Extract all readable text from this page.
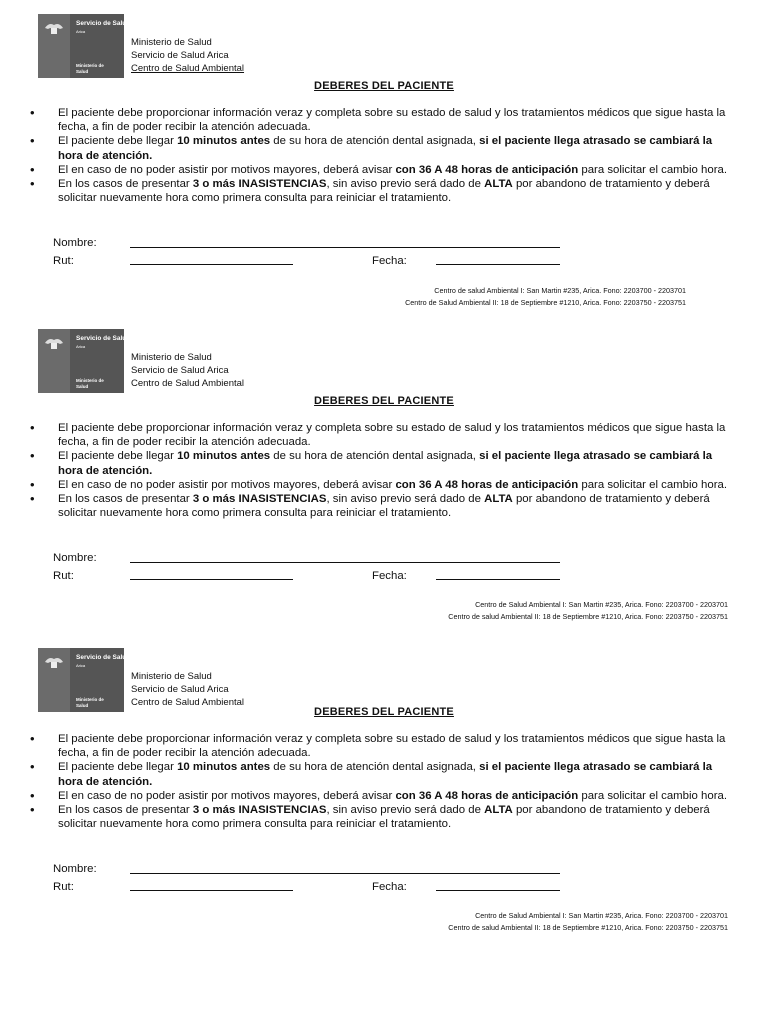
Servicio de Salud
Arica
Ministerio de Salud
Ministerio de Salud
Servicio de Salud Arica
Centro de Salud Ambiental
DEBERES DEL PACIENTE
• El paciente debe proporcionar información veraz y completa sobre su estado de salud y los tratamientos médicos que sigue hasta la fecha, a fin de poder recibir la atención adecuada.
• El paciente debe llegar 10 minutos antes de su hora de atención dental asignada, si el paciente llega atrasado se cambiará la hora de atención.
• El en caso de no poder asistir por motivos mayores, deberá avisar con 36 A 48 horas de anticipación para solicitar el cambio hora.
• En los casos de presentar 3 o más INASISTENCIAS, sin aviso previo será dado de ALTA por abandono de tratamiento y deberá solicitar nuevamente hora como primera consulta para reiniciar el tratamiento.
Nombre:
Rut:	Fecha:
Centro de salud Ambiental I: San Martin #235, Arica. Fono: 2203700 - 2203701
Centro de Salud Ambiental II: 18 de Septiembre #1210, Arica. Fono: 2203750 - 2203751
Servicio de Salud
Arica
Ministerio de Salud
Ministerio de Salud
Servicio de Salud Arica
Centro de Salud Ambiental
DEBERES DEL PACIENTE
• El paciente debe proporcionar información veraz y completa sobre su estado de salud y los tratamientos médicos que sigue hasta la fecha, a fin de poder recibir la atención adecuada.
• El paciente debe llegar 10 minutos antes de su hora de atención dental asignada, si el paciente llega atrasado se cambiará la hora de atención.
• El en caso de no poder asistir por motivos mayores, deberá avisar con 36 A 48 horas de anticipación para solicitar el cambio hora.
• En los casos de presentar 3 o más INASISTENCIAS, sin aviso previo será dado de ALTA por abandono de tratamiento y deberá solicitar nuevamente hora como primera consulta para reiniciar el tratamiento.
Nombre:
Rut:	Fecha:
Centro de Salud Ambiental I: San Martin #235, Arica. Fono: 2203700 - 2203701
Centro de salud Ambiental II: 18 de Septiembre #1210, Arica. Fono: 2203750 - 2203751
Servicio de Salud
Arica
Ministerio de Salud
Ministerio de Salud
Servicio de Salud Arica
Centro de Salud Ambiental
DEBERES DEL PACIENTE
• El paciente debe proporcionar información veraz y completa sobre su estado de salud y los tratamientos médicos que sigue hasta la fecha, a fin de poder recibir la atención adecuada.
• El paciente debe llegar 10 minutos antes de su hora de atención dental asignada, si el paciente llega atrasado se cambiará la hora de atención.
• El en caso de no poder asistir por motivos mayores, deberá avisar con 36 A 48 horas de anticipación para solicitar el cambio hora.
• En los casos de presentar 3 o más INASISTENCIAS, sin aviso previo será dado de ALTA por abandono de tratamiento y deberá solicitar nuevamente hora como primera consulta para reiniciar el tratamiento.
Nombre:
Rut:	Fecha:
Centro de Salud Ambiental I: San Martin #235, Arica. Fono: 2203700 - 2203701
Centro de salud Ambiental II: 18 de Septiembre #1210, Arica. Fono: 2203750 - 2203751
